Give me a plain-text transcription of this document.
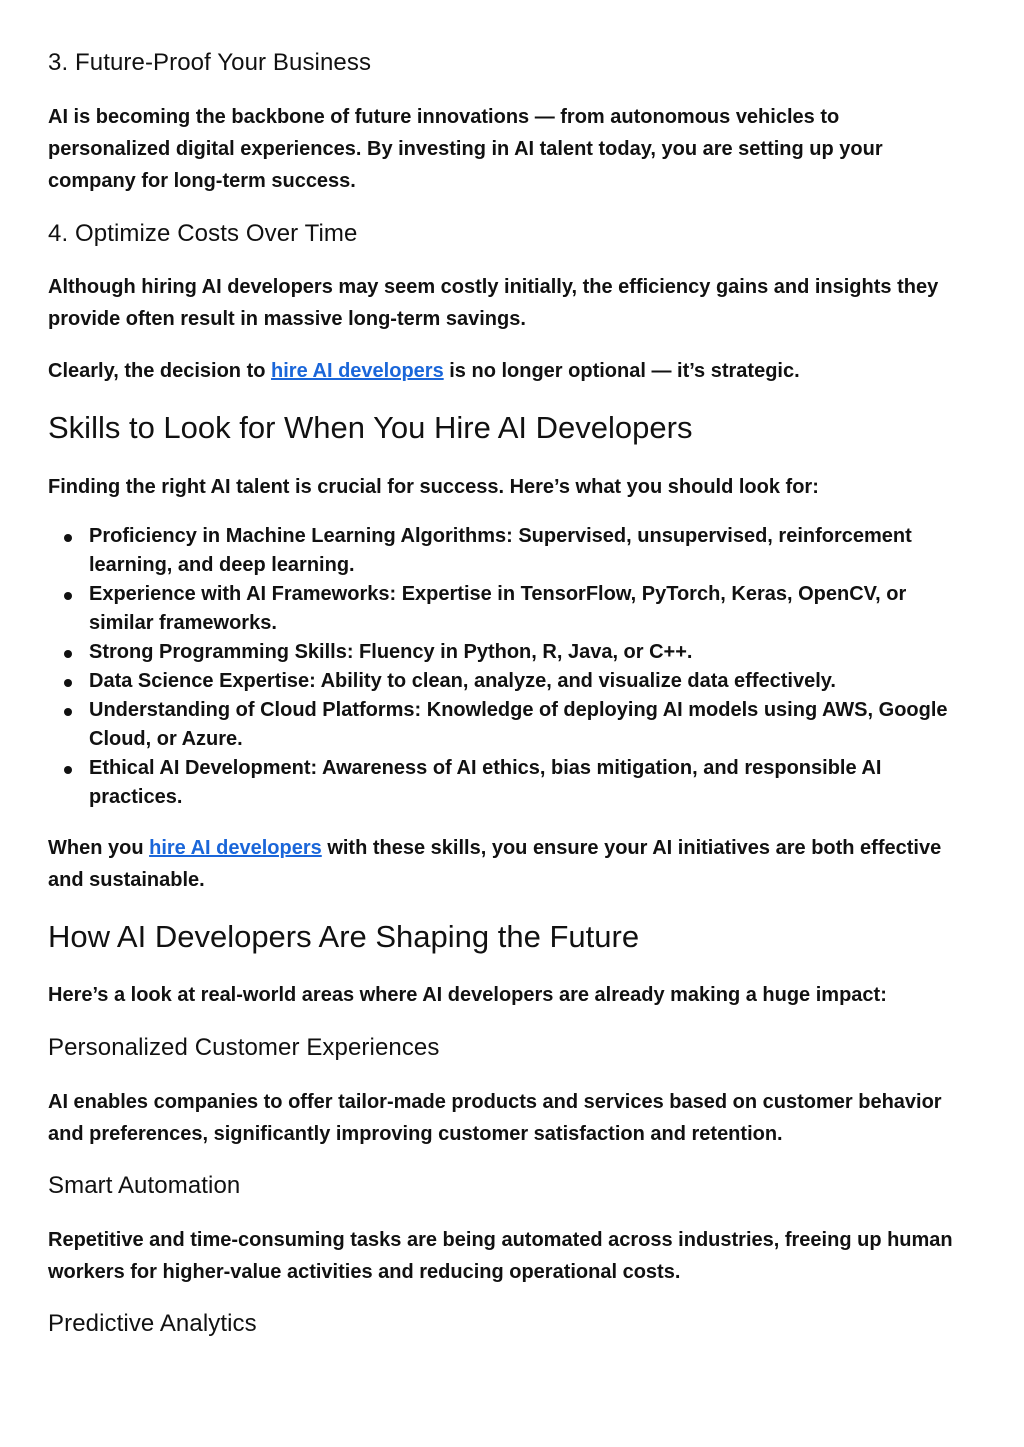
3. Future-Proof Your Business

AI is becoming the backbone of future innovations — from autonomous vehicles to personalized digital experiences. By investing in AI talent today, you are setting up your company for long-term success.

4. Optimize Costs Over Time

Although hiring AI developers may seem costly initially, the efficiency gains and insights they provide often result in massive long-term savings.

Clearly, the decision to hire AI developers is no longer optional — it’s strategic.

Skills to Look for When You Hire AI Developers

Finding the right AI talent is crucial for success. Here’s what you should look for:

Proficiency in Machine Learning Algorithms: Supervised, unsupervised, reinforcement learning, and deep learning.
Experience with AI Frameworks: Expertise in TensorFlow, PyTorch, Keras, OpenCV, or similar frameworks.
Strong Programming Skills: Fluency in Python, R, Java, or C++.
Data Science Expertise: Ability to clean, analyze, and visualize data effectively.
Understanding of Cloud Platforms: Knowledge of deploying AI models using AWS, Google Cloud, or Azure.
Ethical AI Development: Awareness of AI ethics, bias mitigation, and responsible AI practices.

When you hire AI developers with these skills, you ensure your AI initiatives are both effective and sustainable.

How AI Developers Are Shaping the Future

Here’s a look at real-world areas where AI developers are already making a huge impact:

Personalized Customer Experiences

AI enables companies to offer tailor-made products and services based on customer behavior and preferences, significantly improving customer satisfaction and retention.

Smart Automation

Repetitive and time-consuming tasks are being automated across industries, freeing up human workers for higher-value activities and reducing operational costs.

Predictive Analytics
